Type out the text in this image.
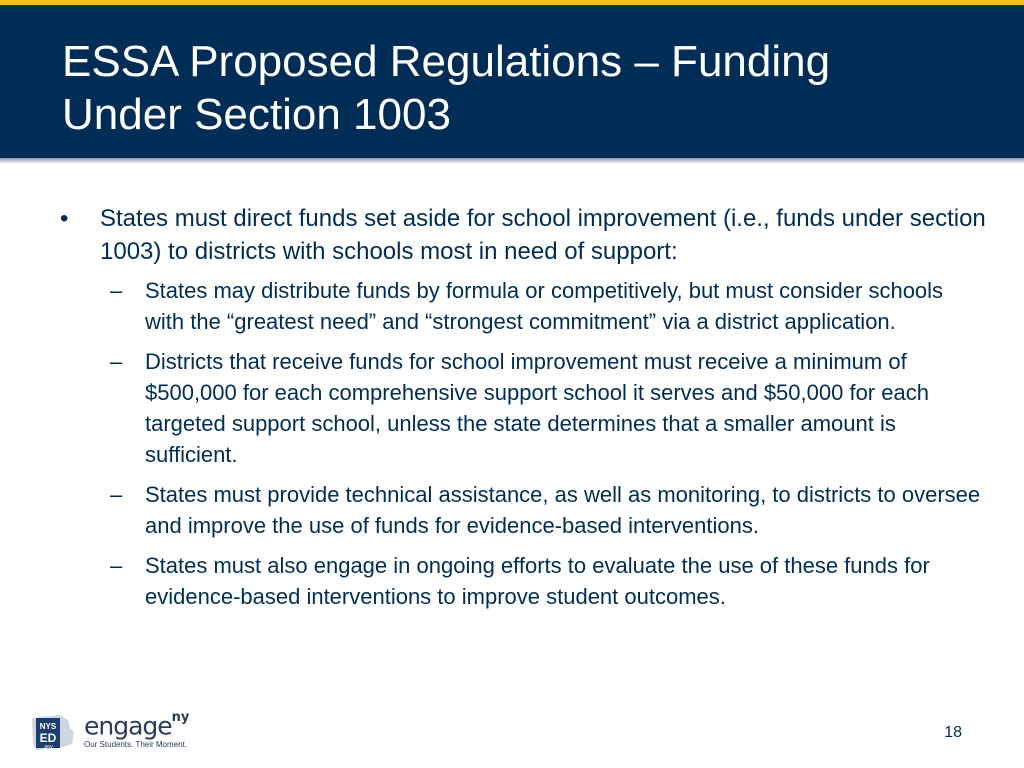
ESSA Proposed Regulations – Funding
Under Section 1003

• States must direct funds set aside for school improvement (i.e., funds under section 1003) to districts with schools most in need of support:

– States may distribute funds by formula or competitively, but must consider schools with the “greatest need” and “strongest commitment” via a district application.
– Districts that receive funds for school improvement must receive a minimum of $500,000 for each comprehensive support school it serves and $50,000 for each targeted support school, unless the state determines that a smaller amount is sufficient.
– States must provide technical assistance, as well as monitoring, to districts to oversee and improve the use of funds for evidence-based interventions.
– States must also engage in ongoing efforts to evaluate the use of these funds for evidence-based interventions to improve student outcomes.
NYS
ED
.gov
engage$^{ny}$
Our Students. Their Moment.
18
